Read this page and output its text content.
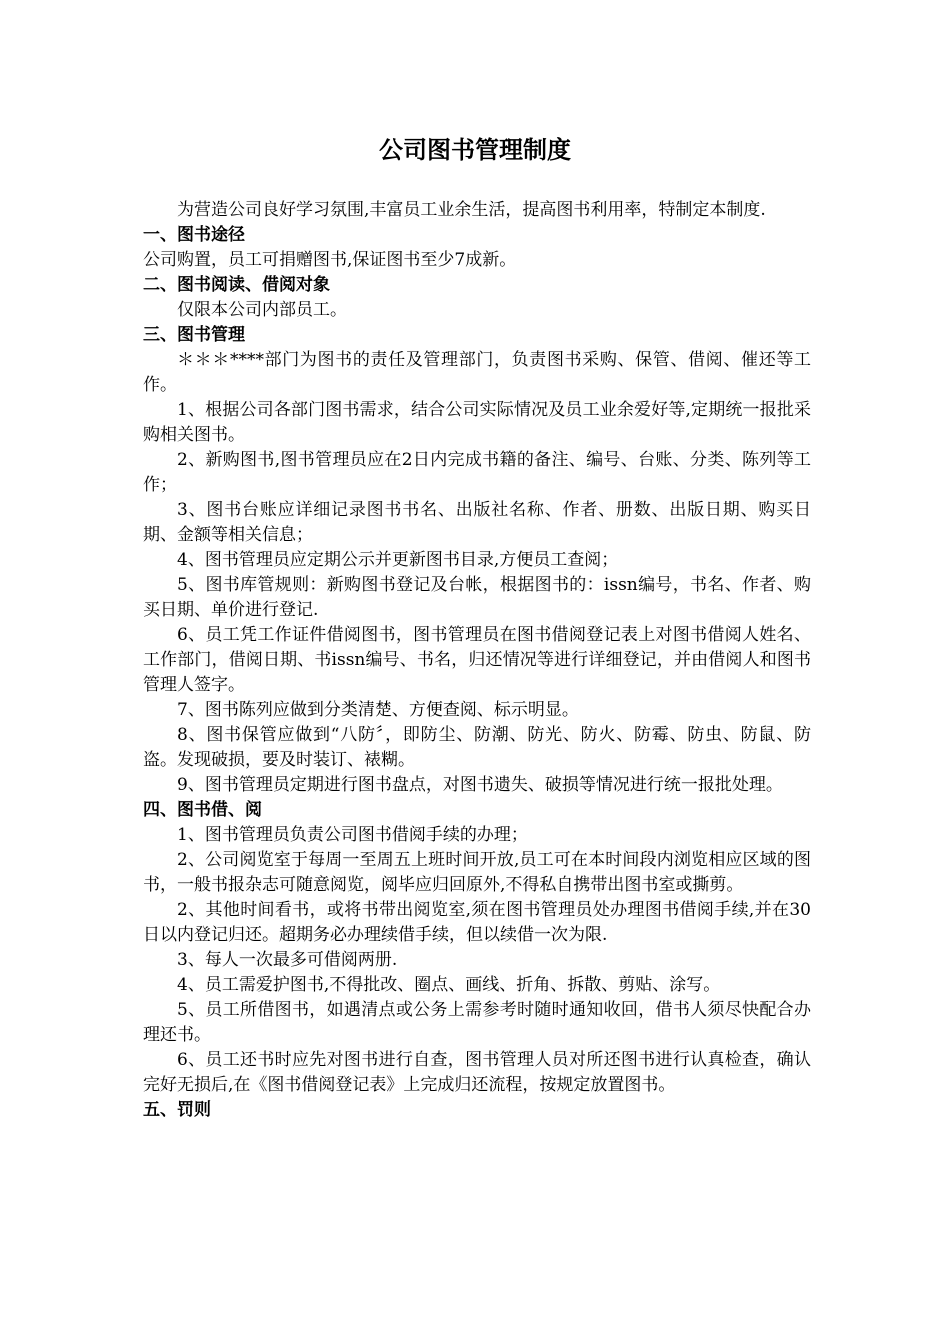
公司图书管理制度

为营造公司良好学习氛围,丰富员工业余生活，提高图书利用率，特制定本制度.

一、图书途径

公司购置，员工可捐赠图书,保证图书至少7成新。

二、图书阅读、借阅对象

仅限本公司内部员工。

三、图书管理

＊＊＊****部门为图书的责任及管理部门，负责图书采购、保管、借阅、催还等工作。

1、根据公司各部门图书需求，结合公司实际情况及员工业余爱好等,定期统一报批采购相关图书。

2、新购图书,图书管理员应在2日内完成书籍的备注、编号、台账、分类、陈列等工作；

3、图书台账应详细记录图书书名、出版社名称、作者、册数、出版日期、购买日期、金额等相关信息；

4、图书管理员应定期公示并更新图书目录,方便员工查阅；

5、图书库管规则：新购图书登记及台帐，根据图书的：issn编号，书名、作者、购买日期、单价进行登记.

6、员工凭工作证件借阅图书，图书管理员在图书借阅登记表上对图书借阅人姓名、工作部门，借阅日期、书issn编号、书名，归还情况等进行详细登记，并由借阅人和图书管理人签字。

7、图书陈列应做到分类清楚、方便查阅、标示明显。

8、图书保管应做到“八防〞，即防尘、防潮、防光、防火、防霉、防虫、防鼠、防盗。发现破损，要及时装订、裱糊。

9、图书管理员定期进行图书盘点，对图书遗失、破损等情况进行统一报批处理。

四、图书借、阅

1、图书管理员负责公司图书借阅手续的办理；

2、公司阅览室于每周一至周五上班时间开放,员工可在本时间段内浏览相应区域的图书，一般书报杂志可随意阅览，阅毕应归回原外,不得私自携带出图书室或撕剪。

2、其他时间看书，或将书带出阅览室,须在图书管理员处办理图书借阅手续,并在30日以内登记归还。超期务必办理续借手续，但以续借一次为限.

3、每人一次最多可借阅两册.

4、员工需爱护图书,不得批改、圈点、画线、折角、拆散、剪贴、涂写。

5、员工所借图书，如遇清点或公务上需参考时随时通知收回，借书人须尽快配合办理还书。

6、员工还书时应先对图书进行自查，图书管理人员对所还图书进行认真检查，确认完好无损后,在《图书借阅登记表》上完成归还流程，按规定放置图书。

五、罚则
